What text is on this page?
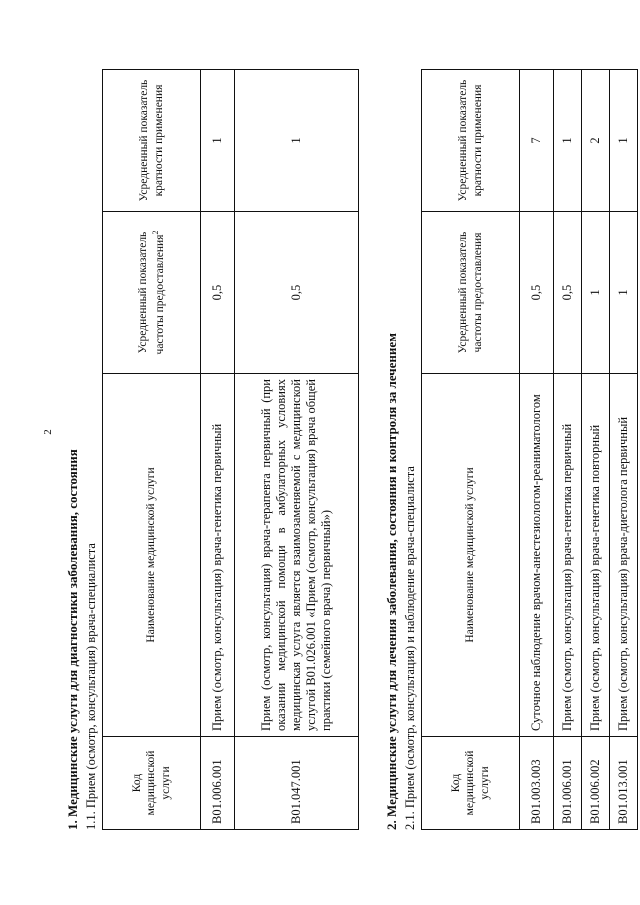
2
1. Медицинские услуги для диагностики заболевания, состояния 1.1. Прием (осмотр, консультация) врача-специалиста	Код медицинской услуги	Наименование медицинской услуги	Усредненный показатель частоты предоставления$^2$	Усредненный показатель кратности применения
B01.006.001	Прием (осмотр, консультация) врача-генетика первичный	0,5	1
B01.047.001	Прием (осмотр, консультация) врача-терапевта первичный (при оказании медицинской помощи в амбулаторных условиях медицинская услуга является взаимозаменяемой с медицинской услугой B01.026.001 «Прием (осмотр, консультация) врача общей практики (семейного врача) первичный»)	0,5	1
2. Медицинские услуги для лечения заболевания, состояния и контроля за лечением 2.1. Прием (осмотр, консультация) и наблюдение врача-специалиста	Код медицинской услуги	Наименование медицинской услуги	Усредненный показатель частоты предоставления	Усредненный показатель кратности применения
B01.003.003	Суточное наблюдение врачом-анестезиологом-реаниматологом	0,5	7
B01.006.001	Прием (осмотр, консультация) врача-генетика первичный	0,5	1
B01.006.002	Прием (осмотр, консультация) врача-генетика повторный	1	2
B01.013.001	Прием (осмотр, консультация) врача-диетолога первичный	1	1
